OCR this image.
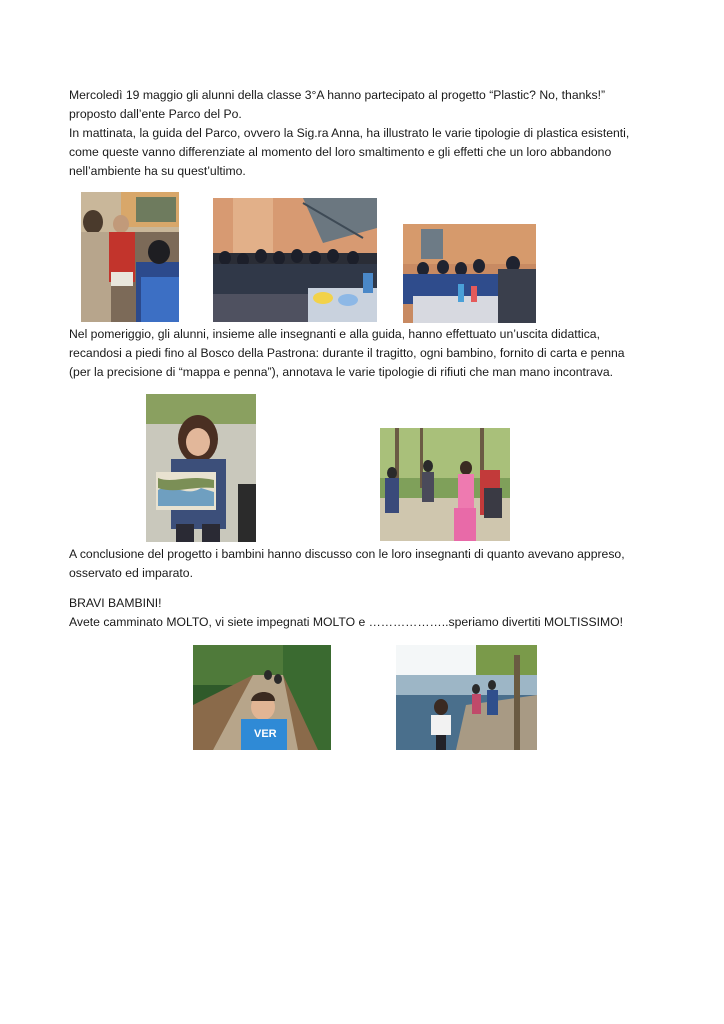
Mercoledì 19 maggio gli alunni della classe 3°A hanno partecipato al progetto “Plastic? No, thanks!”
proposto dall’ente Parco del Po.
In mattinata, la guida del Parco, ovvero la Sig.ra Anna, ha illustrato le varie tipologie di plastica esistenti,
come queste vanno differenziate al momento del loro smaltimento e gli effetti che un loro abbandono
nell’ambiente ha su quest’ultimo.

Nel pomeriggio, gli alunni, insieme alle insegnanti e alla guida, hanno effettuato un’uscita didattica,
recandosi a piedi fino al Bosco della Pastrona: durante il tragitto, ogni bambino, fornito di carta e penna
(per la precisione di “mappa e penna”), annotava le varie tipologie di rifiuti che man mano incontrava.

A conclusione del progetto i bambini hanno discusso con le loro insegnanti di quanto avevano appreso,
osservato ed imparato.

BRAVI BAMBINI!
Avete camminato MOLTO, vi siete impegnati MOLTO e ………………..speriamo divertiti MOLTISSIMO!

VER
